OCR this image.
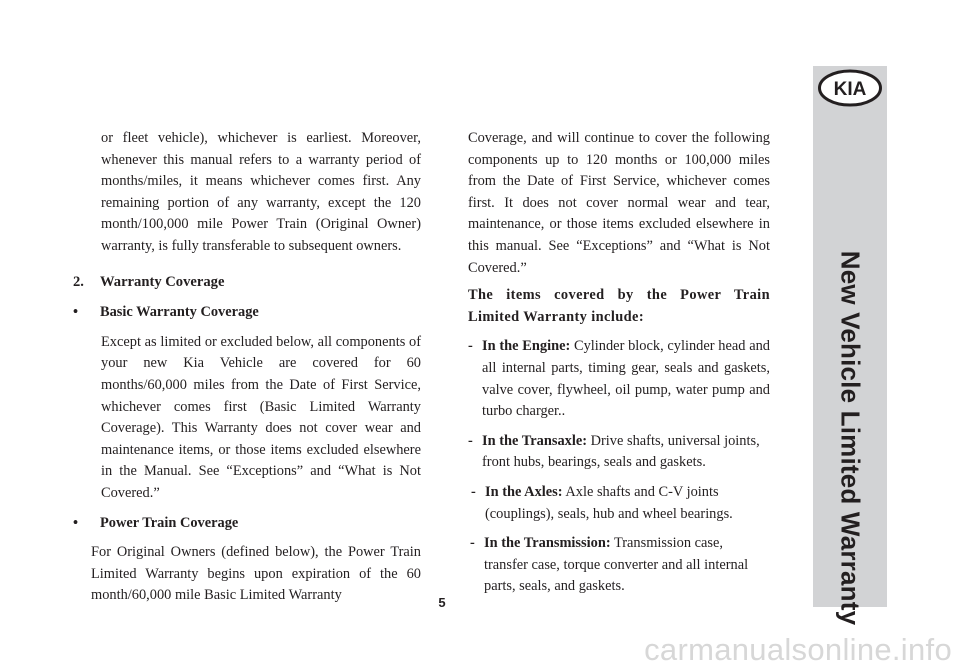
or fleet vehicle), whichever is earliest. Moreover, whenever this manual refers to a warranty period of months/miles, it means whichever comes first. Any remaining portion of any warranty, except the 120 month/100,000 mile Power Train (Original Owner) warranty, is fully transferable to subsequent owners.

2.	Warranty Coverage
•	Basic Warranty Coverage

Except as limited or excluded below, all components of your new Kia Vehicle are covered for 60 months/60,000 miles from the Date of First Service, whichever comes first (Basic Limited Warranty Coverage). This Warranty does not cover wear and maintenance items, or those items excluded elsewhere in the Manual. See “Exceptions” and “What is Not Covered.”

•	Power Train Coverage

For Original Owners (defined below), the Power Train Limited Warranty begins upon expiration of the 60 month/60,000 mile Basic Limited Warranty

Coverage, and will continue to cover the following components up to 120 months or 100,000 miles from the Date of First Service, whichever comes first. It does not cover normal wear and tear, maintenance, or those items excluded elsewhere in this manual. See “Exceptions” and “What is Not Covered.”

The items covered by the Power Train Limited Warranty include:

- In the Engine: Cylinder block, cylinder head and all internal parts, timing gear, seals and gaskets, valve cover, flywheel, oil pump, water pump and turbo charger..
- In the Transaxle: Drive shafts, universal joints, front hubs, bearings, seals and gaskets.
- In the Axles: Axle shafts and C-V joints (couplings), seals, hub and wheel bearings.
- In the Transmission: Transmission case, transfer case, torque converter and all internal parts, seals, and gaskets.
KIA
New Vehicle Limited Warranty
5
carmanualsonline.info
